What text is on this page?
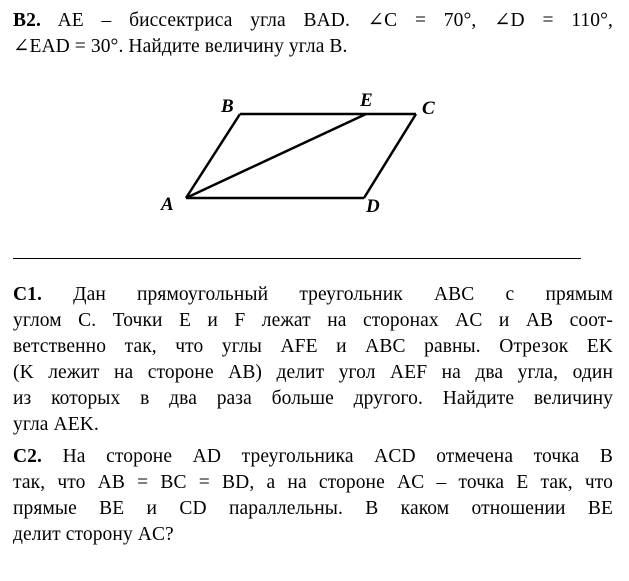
B2. AE – биссектриса угла BAD. ∠C = 70°, ∠D = 110°,
∠EAD = 30°. Найдите величину угла B.
A
B	E	C
D
С1. Дан прямоугольный треугольник ABC с прямым
углом C. Точки E и F лежат на сторонах AC и AB соот-
ветственно так, что углы AFE и ABC равны. Отрезок EK
(K лежит на стороне AB) делит угол AEF на два угла, один
из которых в два раза больше другого. Найдите величину
угла AEK.
С2. На стороне AD треугольника ACD отмечена точка B
так, что AB = BC = BD, а на стороне AC – точка E так, что
прямые BE и CD параллельны. В каком отношении BE
делит сторону AC?
